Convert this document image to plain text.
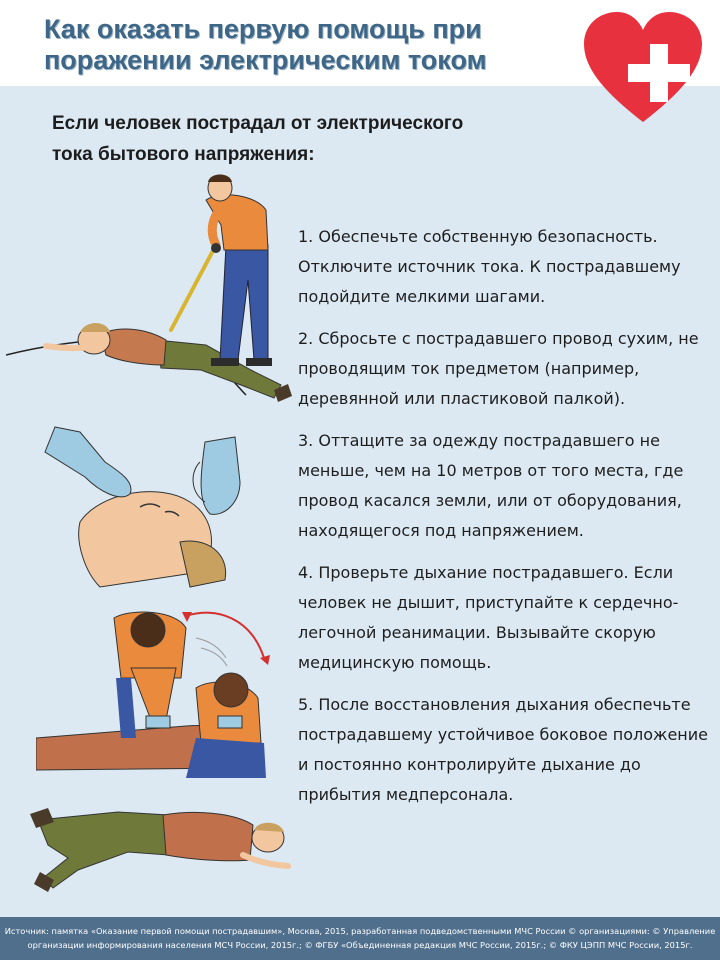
Как оказать первую помощь при
поражении электрическим током
Если человек пострадал от электрического
тока бытового напряжения:

1. Обеспечьте собственную безопасность. Отключите источник тока. К пострадавшему подойдите мелкими шагами.

2. Сбросьте с пострадавшего провод сухим, не проводящим ток предметом (например, деревянной или пластиковой палкой).

3. Оттащите за одежду пострадавшего не меньше, чем на 10 метров от того места, где провод касался земли, или от оборудования, находящегося под напряжением.

4. Проверьте дыхание пострадавшего. Если человек не дышит, приступайте к сердечно-легочной реанимации. Вызывайте скорую медицинскую помощь.

5. После восстановления дыхания обеспечьте пострадавшему устойчивое боковое положение и постоянно контролируйте дыхание до прибытия медперсонала.

Источник: памятка «Оказание первой помощи пострадавшим», Москва, 2015, разработанная подведомственными МЧС России © организациями: © Управление
организации информирования населения МСЧ России, 2015г.; © ФГБУ «Объединенная редакция МЧС России, 2015г.; © ФКУ ЦЭПП МЧС России, 2015г.
